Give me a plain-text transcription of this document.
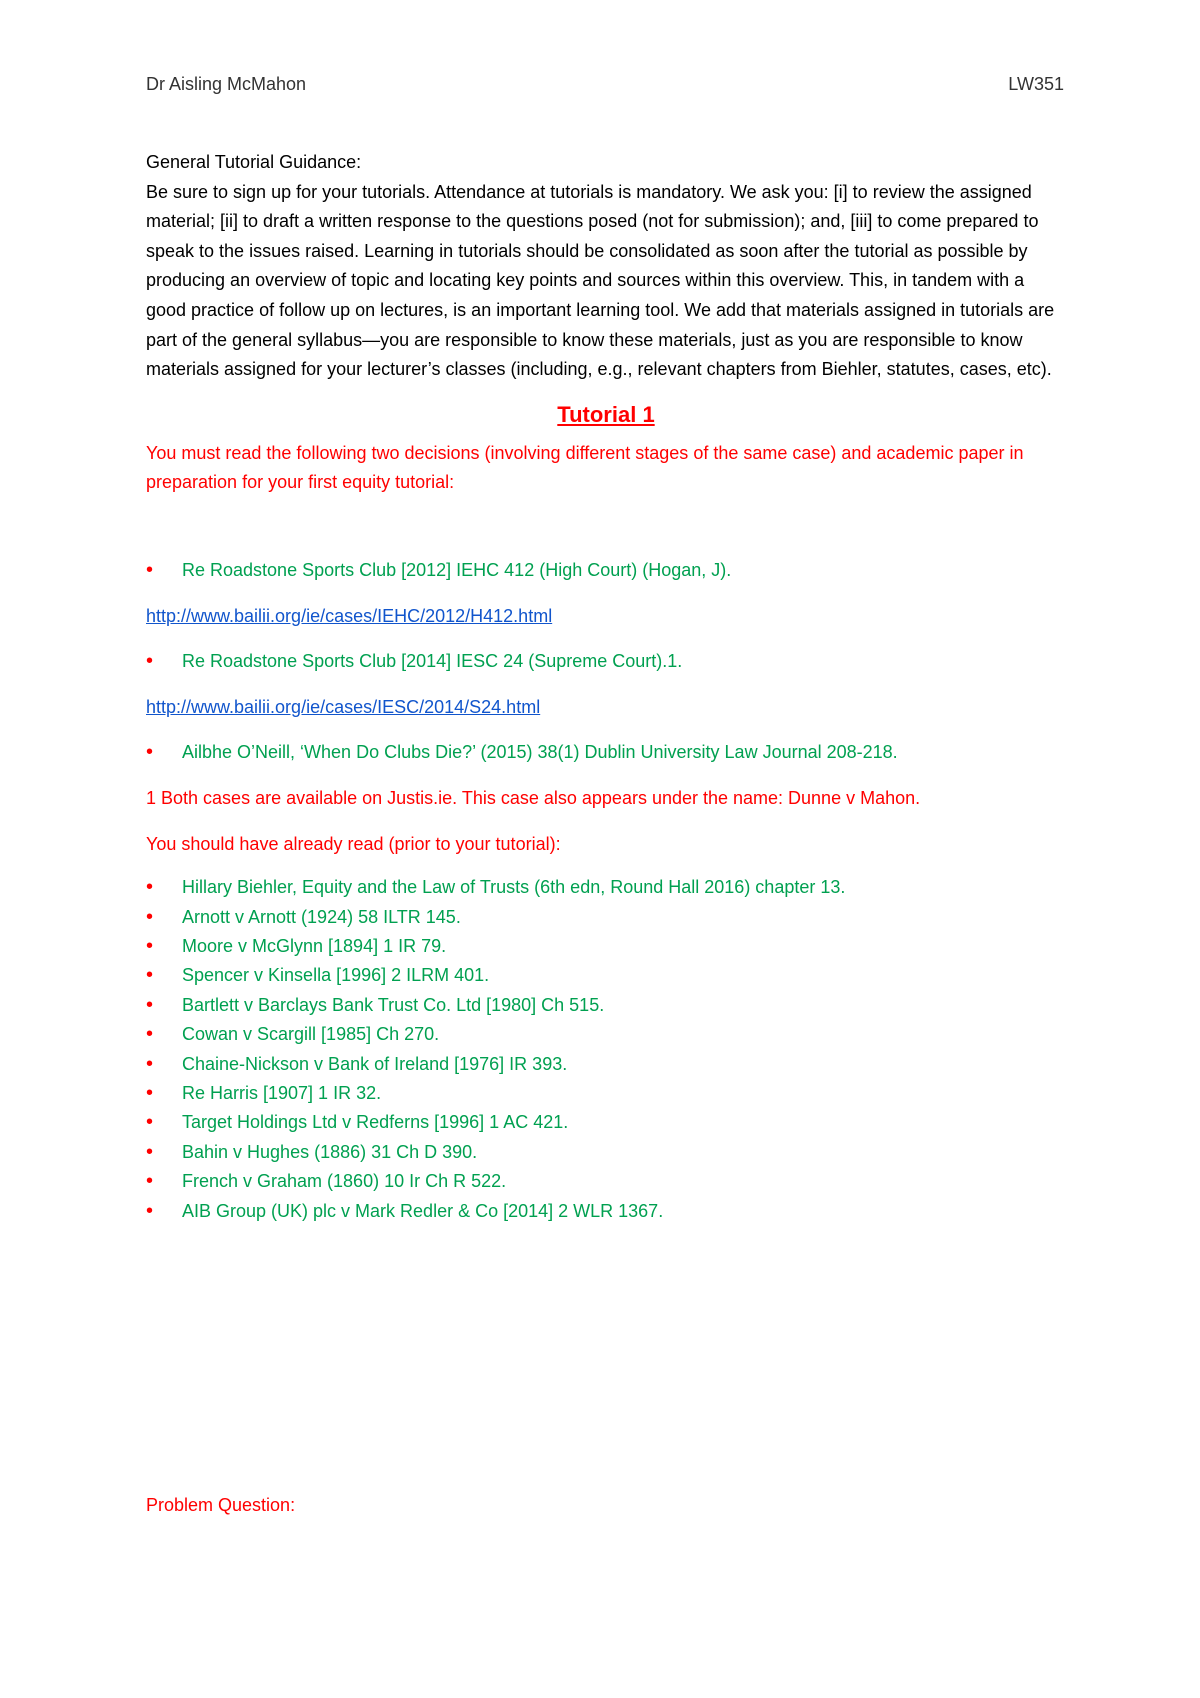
Dr Aisling McMahon	LW351

General Tutorial Guidance:

Be sure to sign up for your tutorials. Attendance at tutorials is mandatory. We ask you: [i] to review the assigned material; [ii] to draft a written response to the questions posed (not for submission); and, [iii] to come prepared to speak to the issues raised. Learning in tutorials should be consolidated as soon after the tutorial as possible by producing an overview of topic and locating key points and sources within this overview. This, in tandem with a good practice of follow up on lectures, is an important learning tool. We add that materials assigned in tutorials are part of the general syllabus—you are responsible to know these materials, just as you are responsible to know materials assigned for your lecturer’s classes (including, e.g., relevant chapters from Biehler, statutes, cases, etc).

Tutorial 1

You must read the following two decisions (involving different stages of the same case) and academic paper in preparation for your first equity tutorial:

• Re Roadstone Sports Club [2012] IEHC 412 (High Court) (Hogan, J).

http://www.bailii.org/ie/cases/IEHC/2012/H412.html

• Re Roadstone Sports Club [2014] IESC 24 (Supreme Court).1.

http://www.bailii.org/ie/cases/IESC/2014/S24.html

• Ailbhe O’Neill, ‘When Do Clubs Die?’ (2015) 38(1) Dublin University Law Journal 208-218.

1 Both cases are available on Justis.ie. This case also appears under the name: Dunne v Mahon.

You should have already read (prior to your tutorial):

• Hillary Biehler, Equity and the Law of Trusts (6th edn, Round Hall 2016) chapter 13.
• Arnott v Arnott (1924) 58 ILTR 145.
• Moore v McGlynn [1894] 1 IR 79.
• Spencer v Kinsella [1996] 2 ILRM 401.
• Bartlett v Barclays Bank Trust Co. Ltd [1980] Ch 515.
• Cowan v Scargill [1985] Ch 270.
• Chaine-Nickson v Bank of Ireland [1976] IR 393.
• Re Harris [1907] 1 IR 32.
• Target Holdings Ltd v Redferns [1996] 1 AC 421.
• Bahin v Hughes (1886) 31 Ch D 390.
• French v Graham (1860) 10 Ir Ch R 522.
• AIB Group (UK) plc v Mark Redler & Co [2014] 2 WLR 1367.
Problem Question:
